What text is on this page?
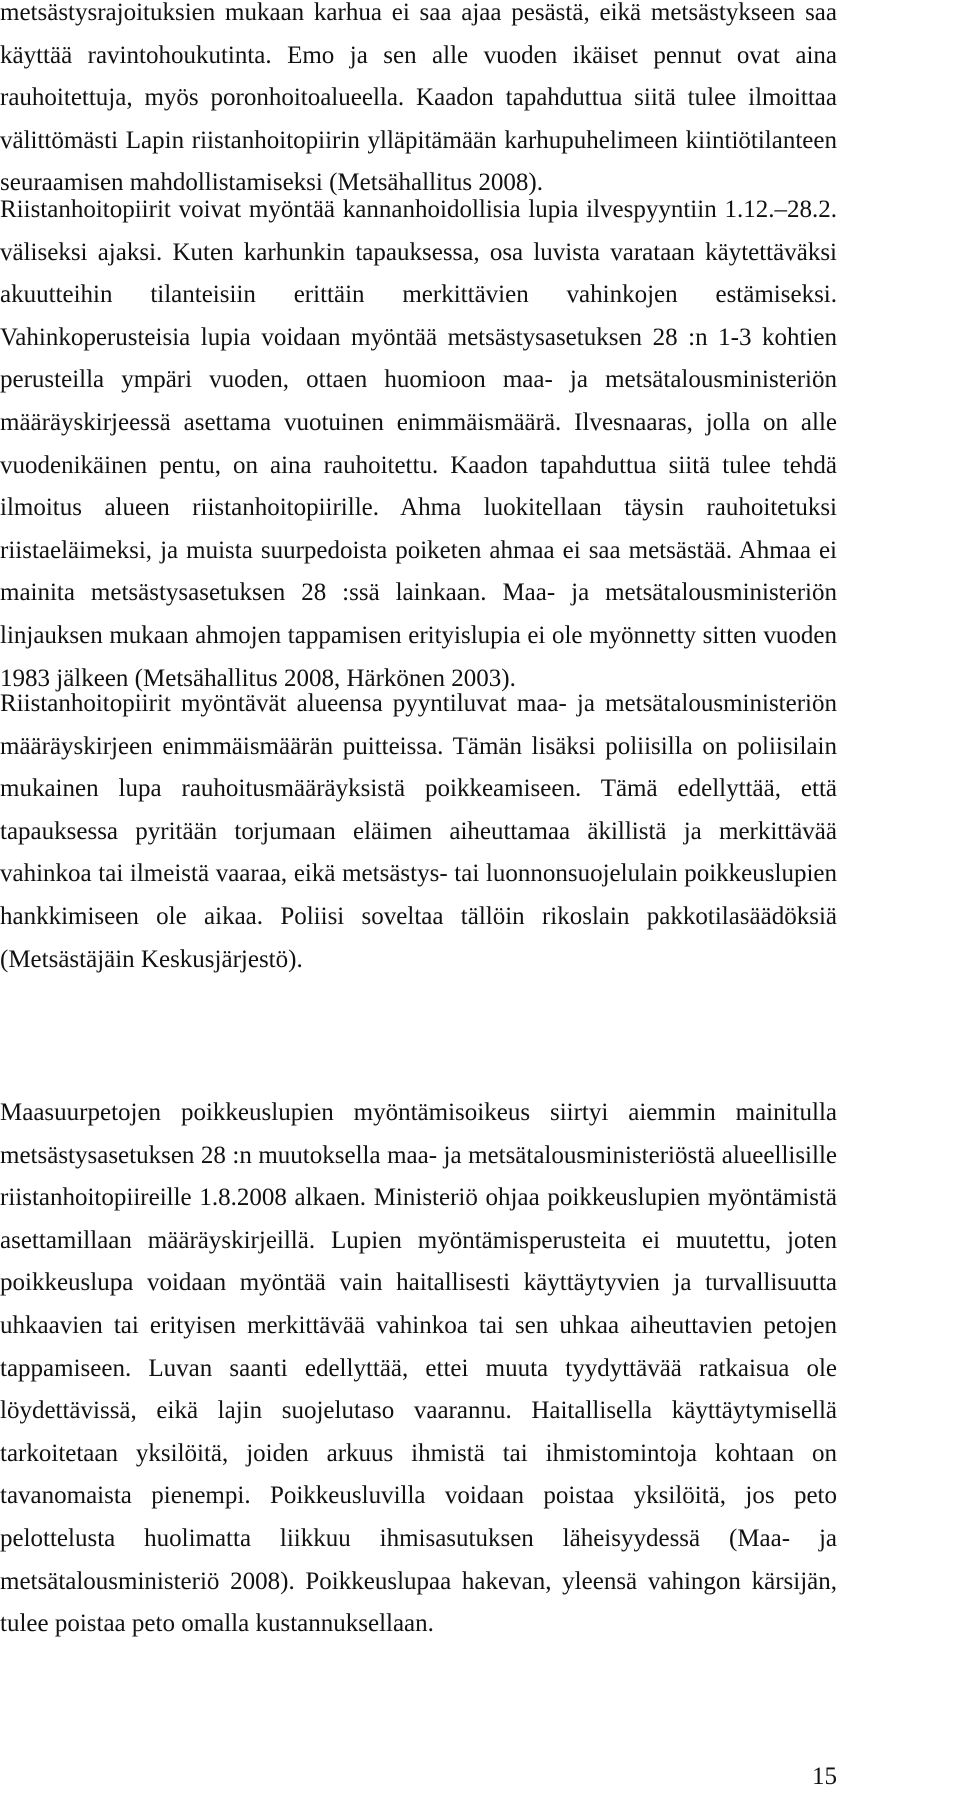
metsästysrajoituksien mukaan karhua ei saa ajaa pesästä, eikä metsästykseen saa käyttää ravintohoukutinta. Emo ja sen alle vuoden ikäiset pennut ovat aina rauhoitettuja, myös poronhoitoalueella. Kaadon tapahduttua siitä tulee ilmoittaa välittömästi Lapin riistanhoitopiirin ylläpitämään karhupuhelimeen kiintiötilanteen seuraamisen mahdollistamiseksi (Metsähallitus 2008).

Riistanhoitopiirit voivat myöntää kannanhoidollisia lupia ilvespyyntiin 1.12.–28.2. väliseksi ajaksi. Kuten karhunkin tapauksessa, osa luvista varataan käytettäväksi akuutteihin tilanteisiin erittäin merkittävien vahinkojen estämiseksi. Vahinkoperusteisia lupia voidaan myöntää metsästysasetuksen 28 :n 1-3 kohtien perusteilla ympäri vuoden, ottaen huomioon maa- ja metsätalousministeriön määräyskirjeessä asettama vuotuinen enimmäismäärä. Ilvesnaaras, jolla on alle vuodenikäinen pentu, on aina rauhoitettu. Kaadon tapahduttua siitä tulee tehdä ilmoitus alueen riistanhoitopiirille. Ahma luokitellaan täysin rauhoitetuksi riistaeläimeksi, ja muista suurpedoista poiketen ahmaa ei saa metsästää. Ahmaa ei mainita metsästysasetuksen 28 :ssä lainkaan. Maa- ja metsätalousministeriön linjauksen mukaan ahmojen tappamisen erityislupia ei ole myönnetty sitten vuoden 1983 jälkeen (Metsähallitus 2008, Härkönen 2003).

Riistanhoitopiirit myöntävät alueensa pyyntiluvat maa- ja metsätalousministeriön määräyskirjeen enimmäismäärän puitteissa. Tämän lisäksi poliisilla on poliisilain mukainen lupa rauhoitusmääräyksistä poikkeamiseen. Tämä edellyttää, että tapauksessa pyritään torjumaan eläimen aiheuttamaa äkillistä ja merkittävää vahinkoa tai ilmeistä vaaraa, eikä metsästys- tai luonnonsuojelulain poikkeuslupien hankkimiseen ole aikaa. Poliisi soveltaa tällöin rikoslain pakkotilasäädöksiä (Metsästäjäin Keskusjärjestö).

Maasuurpetojen poikkeuslupien myöntämisoikeus siirtyi aiemmin mainitulla metsästysasetuksen 28 :n muutoksella maa- ja metsätalousministeriöstä alueellisille riistanhoitopiireille 1.8.2008 alkaen. Ministeriö ohjaa poikkeuslupien myöntämistä asettamillaan määräyskirjeillä. Lupien myöntämisperusteita ei muutettu, joten poikkeuslupa voidaan myöntää vain haitallisesti käyttäytyvien ja turvallisuutta uhkaavien tai erityisen merkittävää vahinkoa tai sen uhkaa aiheuttavien petojen tappamiseen. Luvan saanti edellyttää, ettei muuta tyydyttävää ratkaisua ole löydettävissä, eikä lajin suojelutaso vaarannu. Haitallisella käyttäytymisellä tarkoitetaan yksilöitä, joiden arkuus ihmistä tai ihmistomintoja kohtaan on tavanomaista pienempi. Poikkeusluvilla voidaan poistaa yksilöitä, jos peto pelottelusta huolimatta liikkuu ihmisasutuksen läheisyydessä (Maa- ja metsätalousministeriö 2008). Poikkeuslupaa hakevan, yleensä vahingon kärsijän, tulee poistaa peto omalla kustannuksellaan.

15
